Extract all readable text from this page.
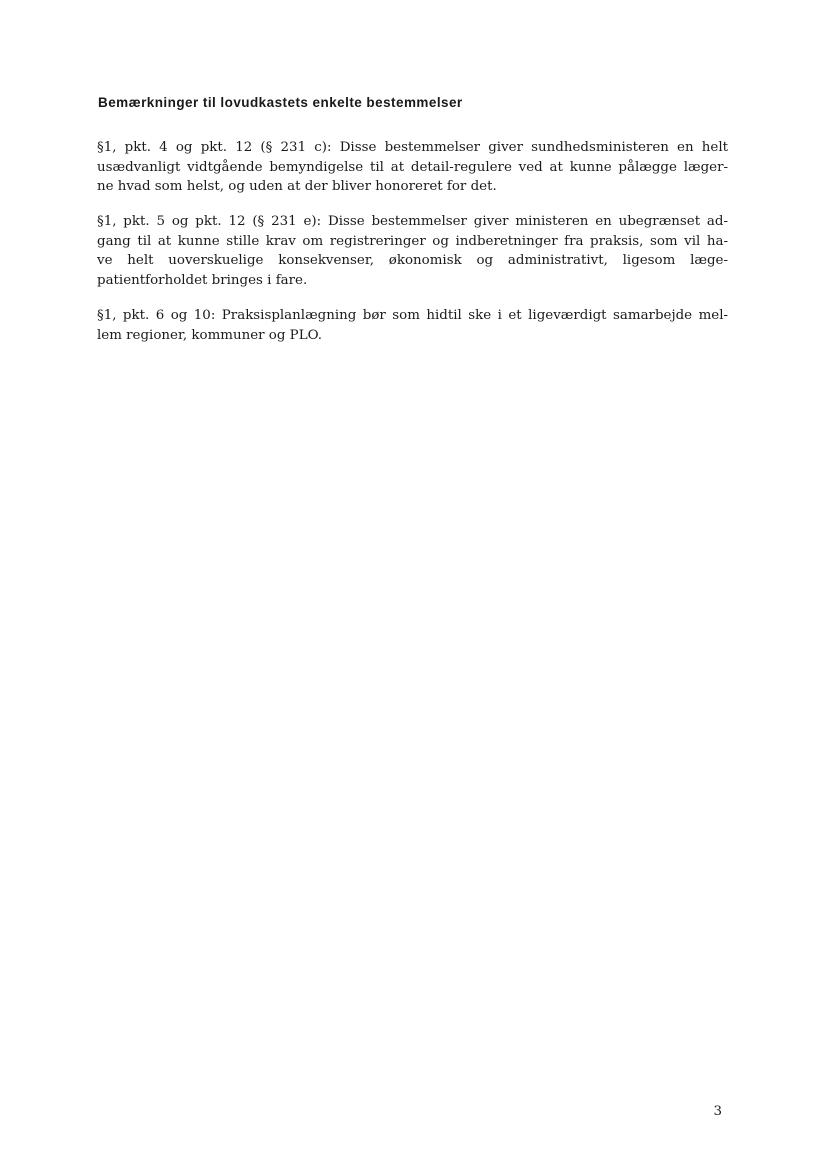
Bemærkninger til lovudkastets enkelte bestemmelser

§1, pkt. 4 og pkt. 12 (§ 231 c): Disse bestemmelser giver sundhedsministeren en helt
usædvanligt vidtgående bemyndigelse til at detail-regulere ved at kunne pålægge læger-
ne hvad som helst, og uden at der bliver honoreret for det.

§1, pkt. 5 og pkt. 12 (§ 231 e): Disse bestemmelser giver ministeren en ubegrænset ad-
gang til at kunne stille krav om registreringer og indberetninger fra praksis, som vil ha-
ve helt uoverskuelige konsekvenser, økonomisk og administrativt, ligesom læge-
patientforholdet bringes i fare.

§1, pkt. 6 og 10: Praksisplanlægning bør som hidtil ske i et ligeværdigt samarbejde mel-
lem regioner, kommuner og PLO.

3
